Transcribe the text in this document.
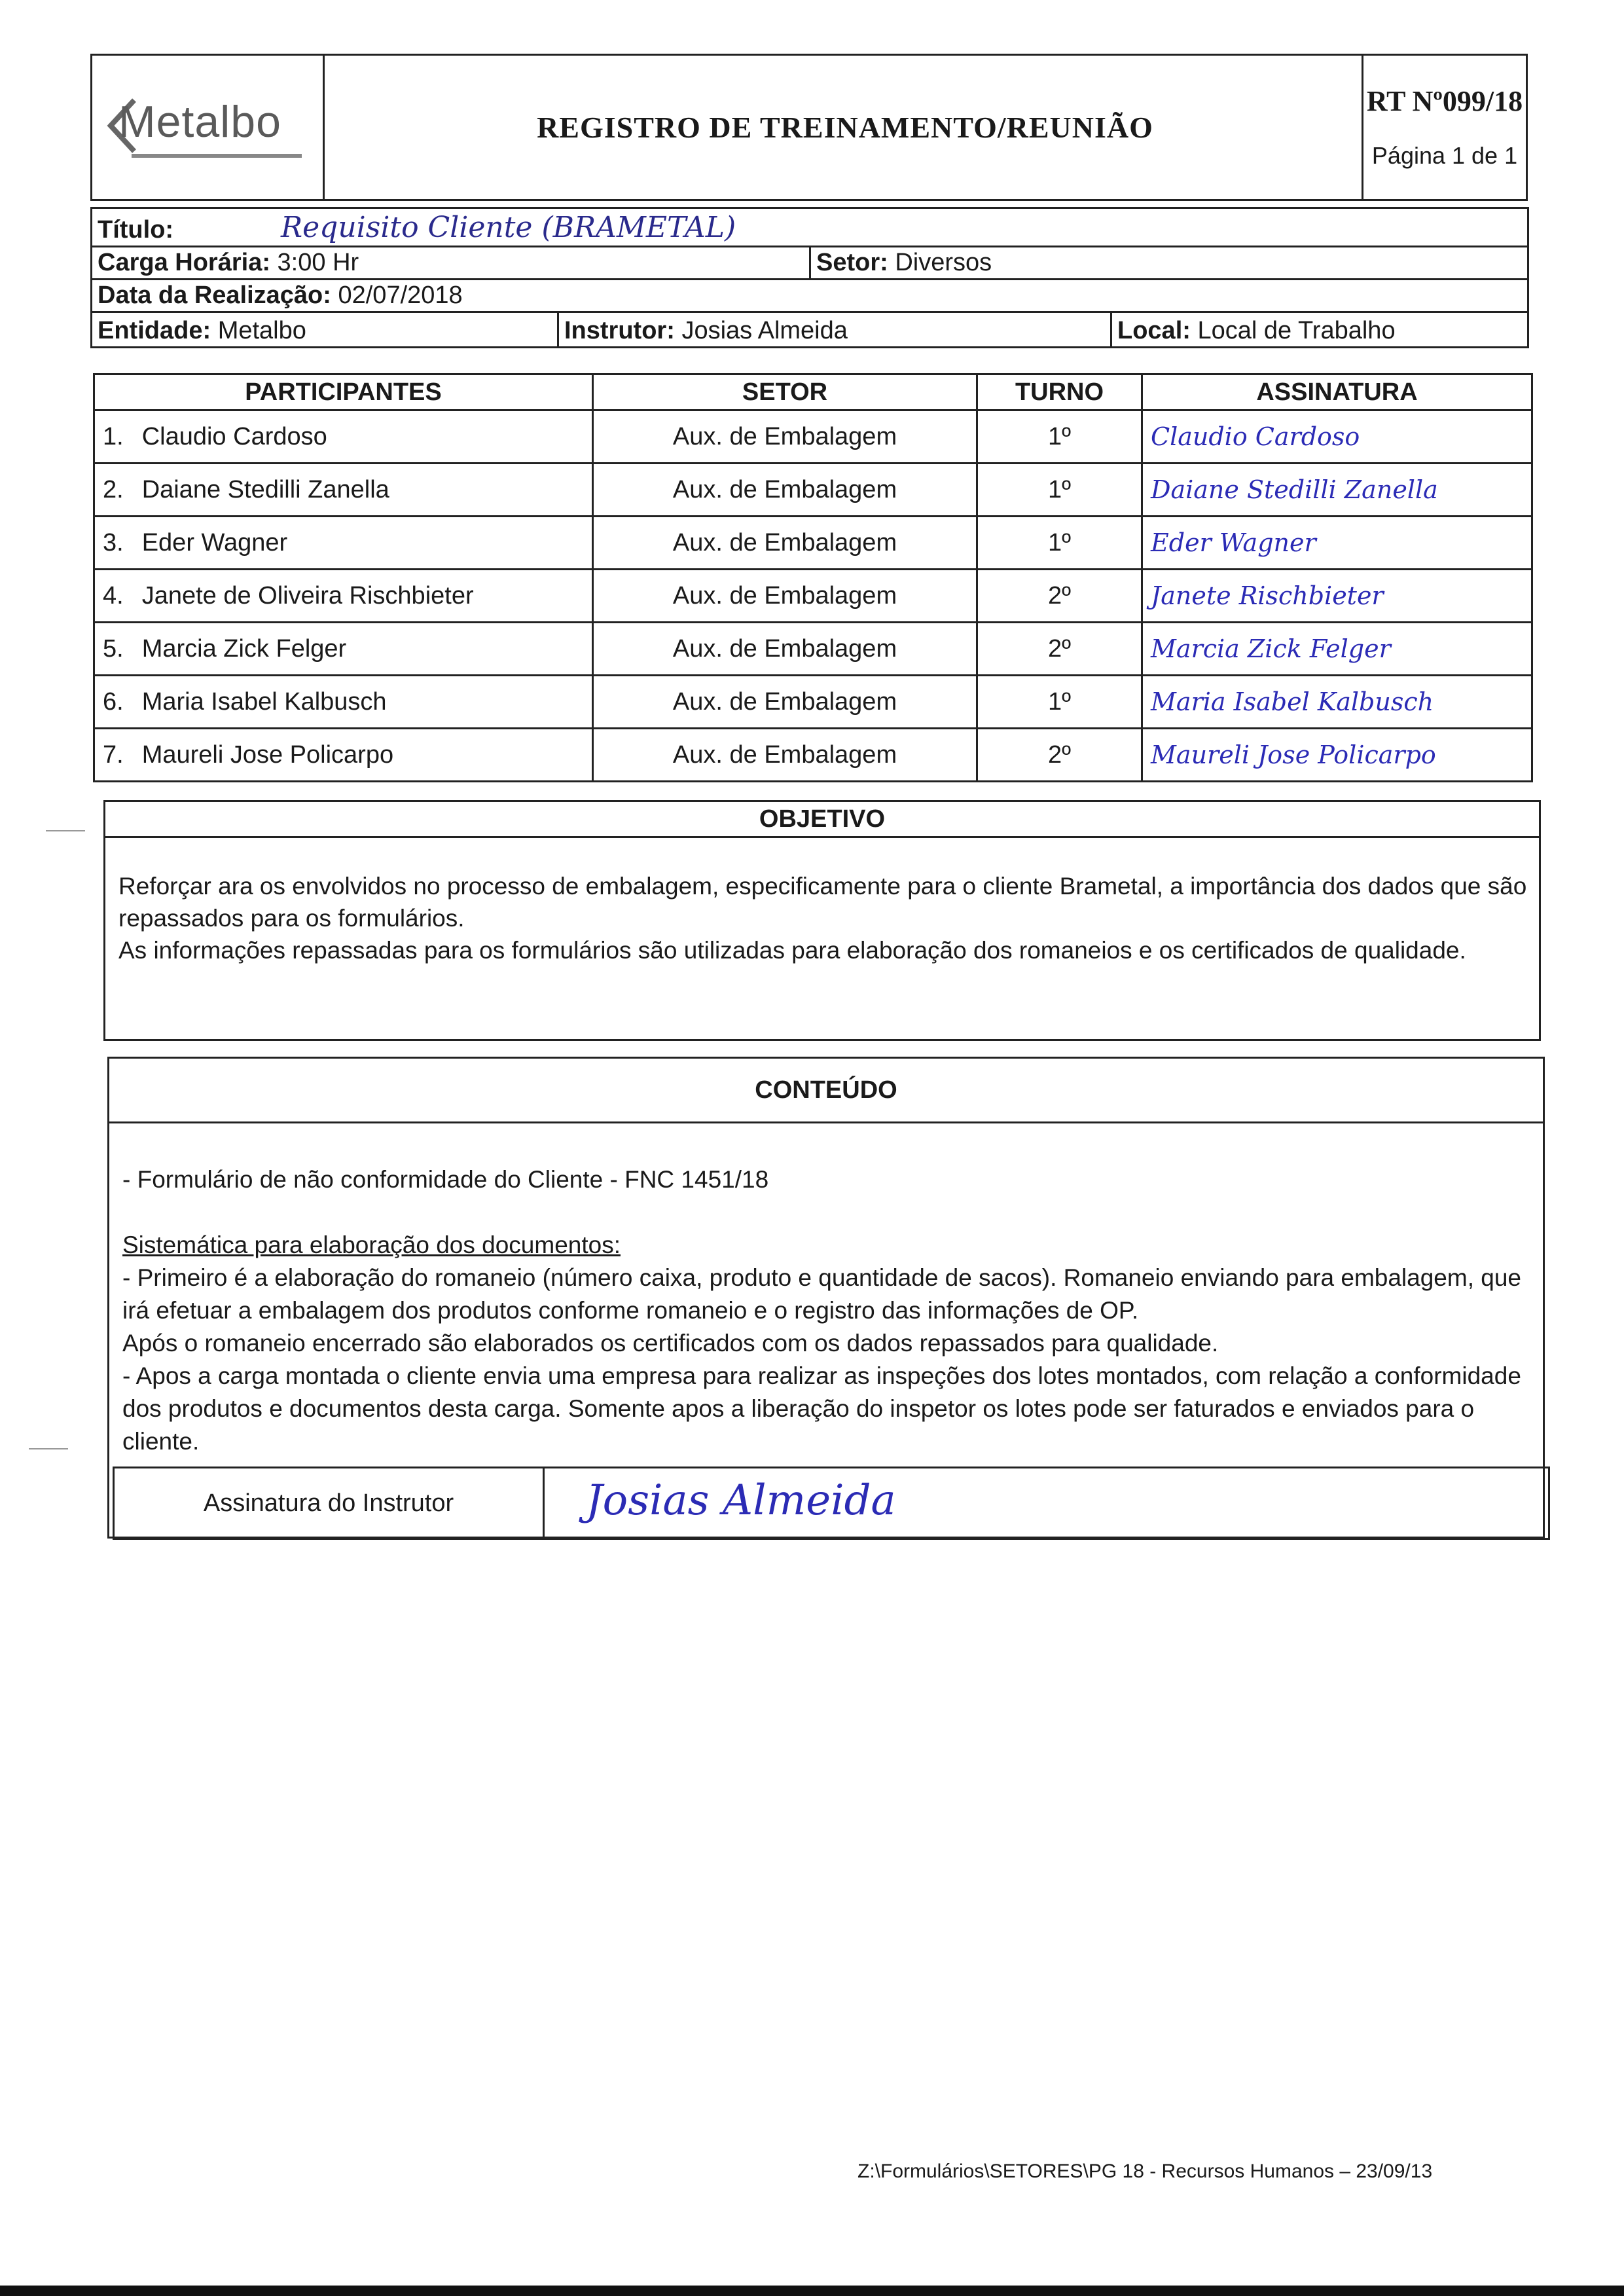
Metalbo	REGISTRO DE TREINAMENTO/REUNIÃO
RT Nº099/18
Página 1 de 1
Título:	Requisito Cliente (BRAMETAL)
Carga Horária:
3:00 Hr	Setor:
Diversos
Data da Realização:
02/07/2018
Entidade:
Metalbo	Instrutor:
Josias Almeida	Local:
Local de Trabalho
PARTICIPANTES	SETOR	TURNO	ASSINATURA
1. Claudio Cardoso	Aux. de Embalagem	1º	Claudio Cardoso
2. Daiane Stedilli Zanella	Aux. de Embalagem	1º	Daiane Stedilli Zanella
3. Eder Wagner	Aux. de Embalagem	1º	Eder Wagner
4. Janete de Oliveira Rischbieter	Aux. de Embalagem	2º	Janete Rischbieter
5. Marcia Zick Felger	Aux. de Embalagem	2º	Marcia Zick Felger
6. Maria Isabel Kalbusch	Aux. de Embalagem	1º	Maria Isabel Kalbusch
7. Maureli Jose Policarpo	Aux. de Embalagem	2º	Maureli Jose Policarpo
OBJETIVO
Reforçar ara os envolvidos no processo de embalagem, especificamente para o cliente Brametal, a importância dos dados que são repassados para os formulários.
As informações repassadas para os formulários são utilizadas para elaboração dos romaneios e os certificados de qualidade.
CONTEÚDO
- Formulário de não conformidade do Cliente - FNC 1451/18
Sistemática para elaboração dos documentos:
- Primeiro é a elaboração do romaneio (número caixa, produto e quantidade de sacos). Romaneio enviando para embalagem, que irá efetuar a embalagem dos produtos conforme romaneio e o registro das informações de OP.
Após o romaneio encerrado são elaborados os certificados com os dados repassados para qualidade.
- Apos a carga montada o cliente envia uma empresa para realizar as inspeções dos lotes montados, com relação a conformidade dos produtos e documentos desta carga. Somente apos a liberação do inspetor os lotes pode ser faturados e enviados para o cliente.
Assinatura do Instrutor	Josias Almeida
Z:\Formulários\SETORES\PG 18 - Recursos Humanos – 23/09/13
